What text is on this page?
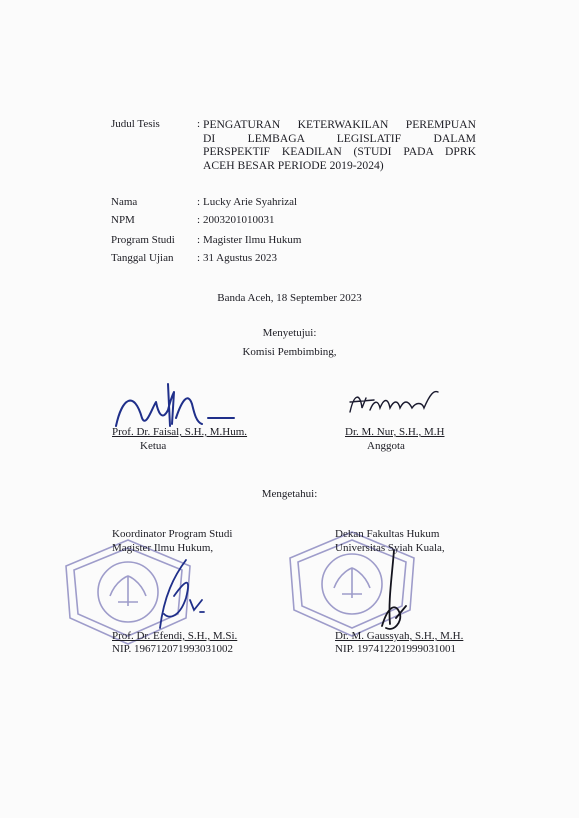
Judul Tesis	: PENGATURAN KETERWAKILAN PEREMPUAN
DI LEMBAGA LEGISLATIF DALAM
PERSPEKTIF KEADILAN (STUDI PADA DPRK
ACEH BESAR PERIODE 2019-2024)
Nama	: Lucky Arie Syahrizal
NPM	: 2003201010031
Program Studi : Magister Ilmu Hukum
Tanggal Ujian : 31 Agustus 2023
Banda Aceh, 18 September 2023
Menyetujui:
Komisi Pembimbing,
Prof. Dr. Faisal, S.H., M.Hum.
Ketua
Dr. M. Nur, S.H., M.H
Anggota
Mengetahui:
Koordinator Program Studi
Magister Ilmu Hukum,
Prof. Dr. Efendi, S.H., M.Si.
NIP. 196712071993031002
Dekan Fakultas Hukum
Universitas Syiah Kuala,
Dr. M. Gaussyah, S.H., M.H.
NIP. 197412201999031001
